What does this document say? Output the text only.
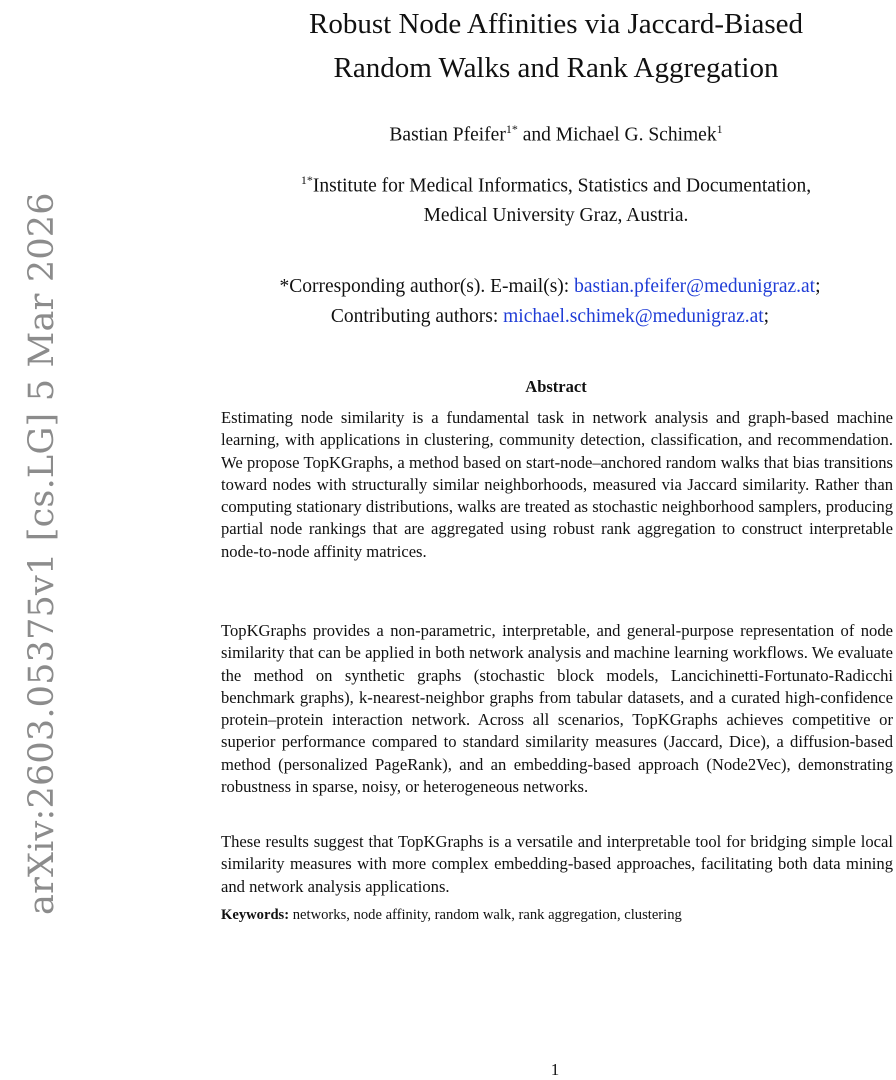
arXiv:2603.05375v1 [cs.LG] 5 Mar 2026
Robust Node Affinities via Jaccard-Biased
Random Walks and Rank Aggregation
Bastian Pfeifer$^{1*}$ and Michael G. Schimek$^1$
$^{1*}$Institute for Medical Informatics, Statistics and Documentation,
Medical University Graz, Austria.
*Corresponding author(s). E-mail(s): bastian.pfeifer@medunigraz.at;
Contributing authors: michael.schimek@medunigraz.at;
Abstract

Estimating node similarity is a fundamental task in network analysis and graph-based machine learning, with applications in clustering, community detection, classification, and recommendation. We propose TopKGraphs, a method based on start-node–anchored random walks that bias transitions toward nodes with structurally similar neighborhoods, measured via Jaccard similarity. Rather than computing stationary distributions, walks are treated as stochastic neighborhood samplers, producing partial node rankings that are aggregated using robust rank aggregation to construct interpretable node-to-node affinity matrices.

TopKGraphs provides a non-parametric, interpretable, and general-purpose representation of node similarity that can be applied in both network analysis and machine learning workflows. We evaluate the method on synthetic graphs (stochastic block models, Lancichinetti-Fortunato-Radicchi benchmark graphs), k-nearest-neighbor graphs from tabular datasets, and a curated high-confidence protein–protein interaction network. Across all scenarios, TopKGraphs achieves competitive or superior performance compared to standard similarity measures (Jaccard, Dice), a diffusion-based method (personalized PageRank), and an embedding-based approach (Node2Vec), demonstrating robustness in sparse, noisy, or heterogeneous networks.

These results suggest that TopKGraphs is a versatile and interpretable tool for bridging simple local similarity measures with more complex embedding-based approaches, facilitating both data mining and network analysis applications.

Keywords: networks, node affinity, random walk, rank aggregation, clustering
1
